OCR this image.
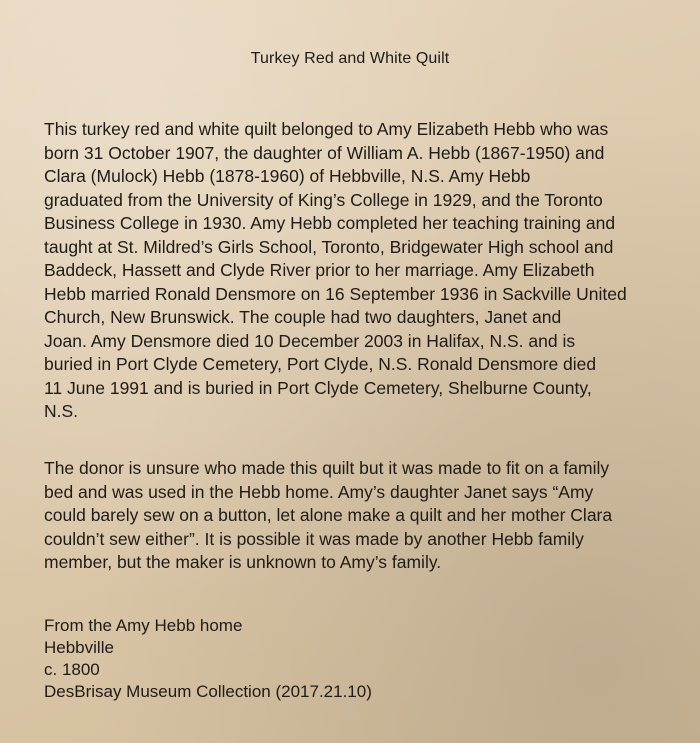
Turkey Red and White Quilt
This turkey red and white quilt belonged to Amy Elizabeth Hebb who was
born 31 October 1907, the daughter of William A. Hebb (1867-1950) and
Clara (Mulock) Hebb (1878-1960) of Hebbville, N.S. Amy Hebb
graduated from the University of King’s College in 1929, and the Toronto
Business College in 1930. Amy Hebb completed her teaching training and
taught at St. Mildred’s Girls School, Toronto, Bridgewater High school and
Baddeck, Hassett and Clyde River prior to her marriage. Amy Elizabeth
Hebb married Ronald Densmore on 16 September 1936 in Sackville United
Church, New Brunswick. The couple had two daughters, Janet and
Joan. Amy Densmore died 10 December 2003 in Halifax, N.S. and is
buried in Port Clyde Cemetery, Port Clyde, N.S. Ronald Densmore died
11 June 1991 and is buried in Port Clyde Cemetery, Shelburne County,
N.S.
The donor is unsure who made this quilt but it was made to fit on a family
bed and was used in the Hebb home. Amy’s daughter Janet says “Amy
could barely sew on a button, let alone make a quilt and her mother Clara
couldn’t sew either”. It is possible it was made by another Hebb family
member, but the maker is unknown to Amy’s family.
From the Amy Hebb home
Hebbville
c. 1800
DesBrisay Museum Collection (2017.21.10)
